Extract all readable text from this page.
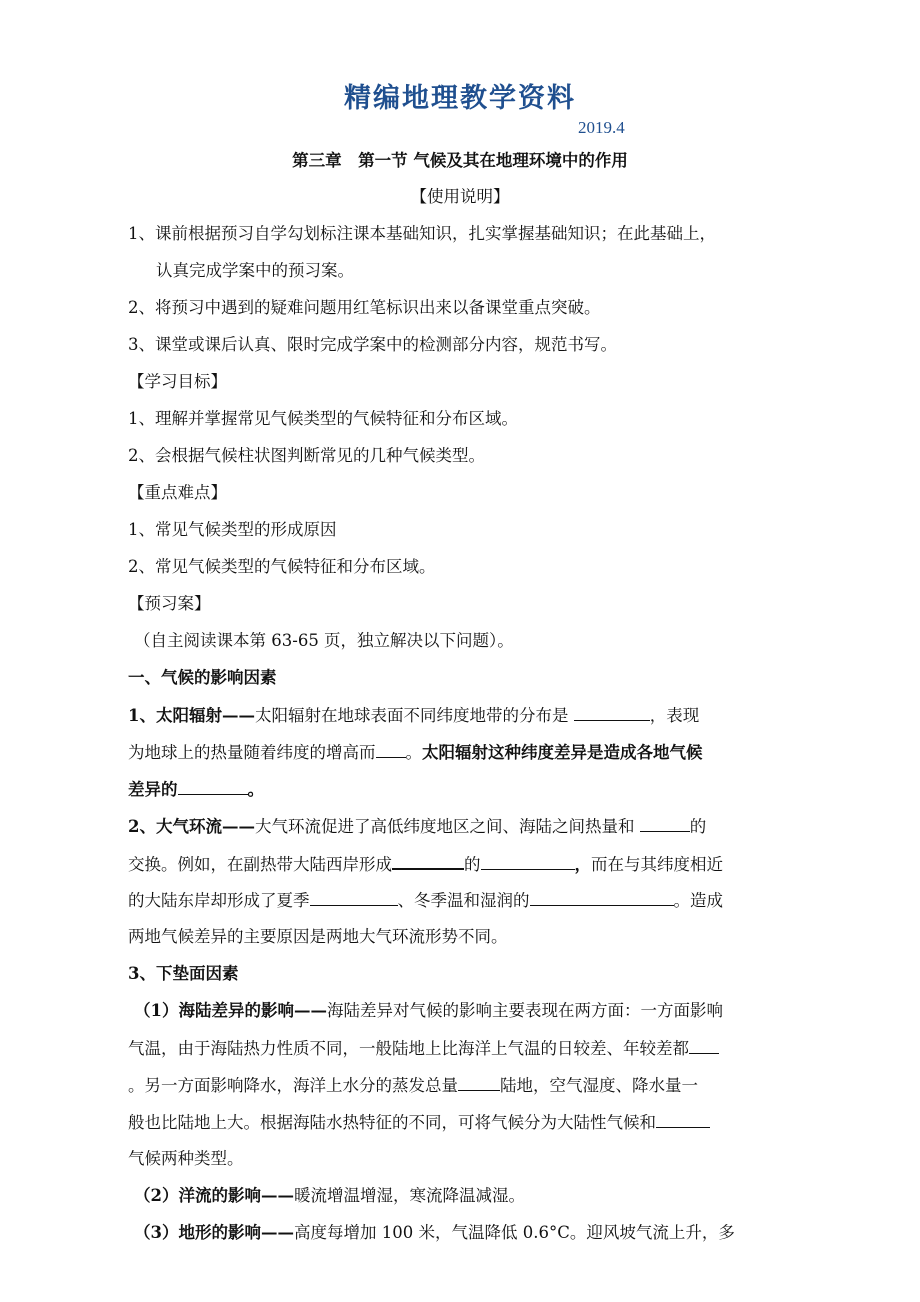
精编地理教学资料
2019.4
第三章　第一节 气候及其在地理环境中的作用
【使用说明】
1、课前根据预习自学勾划标注课本基础知识，扎实掌握基础知识；在此基础上，
认真完成学案中的预习案。
2、将预习中遇到的疑难问题用红笔标识出来以备课堂重点突破。
3、课堂或课后认真、限时完成学案中的检测部分内容，规范书写。
【学习目标】
1、理解并掌握常见气候类型的气候特征和分布区域。
2、会根据气候柱状图判断常见的几种气候类型。
【重点难点】
1、常见气候类型的形成原因
2、常见气候类型的气候特征和分布区域。
【预习案】
（自主阅读课本第 63-65 页，独立解决以下问题）。
一、气候的影响因素
1、太阳辐射——太阳辐射在地球表面不同纬度地带的分布是	，表现
为地球上的热量随着纬度的增高而 。太阳辐射这种纬度差异是造成各地气候
差异的	。
2、大气环流——大气环流促进了高低纬度地区之间、海陆之间热量和	的
交换。例如，在副热带大陆西岸形成	的	，而在与其纬度相近
的大陆东岸却形成了夏季	、冬季温和湿润的	。造成
两地气候差异的主要原因是两地大气环流形势不同。
3、下垫面因素
（1）海陆差异的影响——海陆差异对气候的影响主要表现在两方面：一方面影响
气温，由于海陆热力性质不同，一般陆地上比海洋上气温的日较差、年较差都
。另一方面影响降水，海洋上水分的蒸发总量	陆地，空气湿度、降水量一
般也比陆地上大。根据海陆水热特征的不同，可将气候分为大陆性气候和
气候两种类型。
（2）洋流的影响——暖流增温增湿，寒流降温减湿。
（3）地形的影响——高度每增加 100 米，气温降低 0.6°C。迎风坡气流上升，多
